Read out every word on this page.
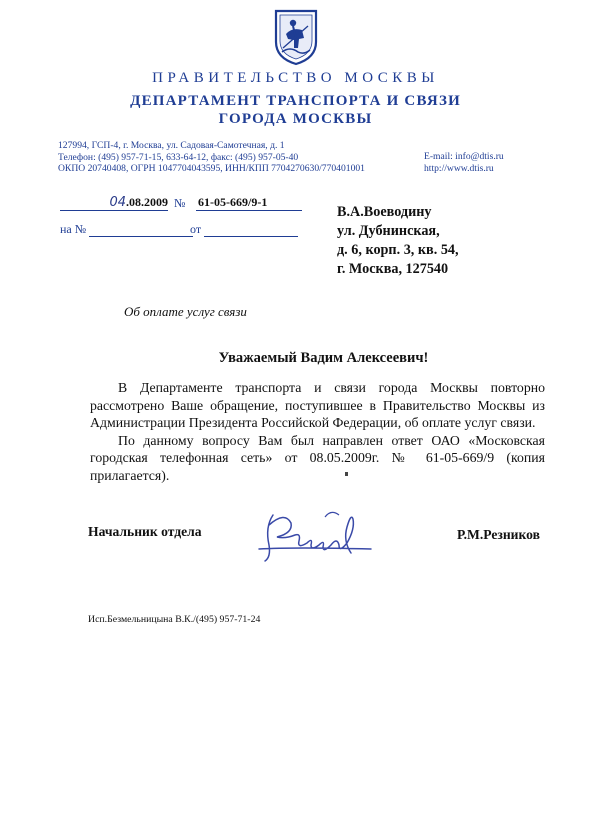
ПРАВИТЕЛЬСТВО МОСКВЫ
ДЕПАРТАМЕНТ ТРАНСПОРТА И СВЯЗИ
ГОРОДА МОСКВЫ
127994, ГСП-4, г. Москва, ул. Садовая-Самотечная, д. 1
Телефон: (495) 957-71-15, 633-64-12, факс: (495) 957-05-40
ОКПО 20740408, ОГРН 1047704043595, ИНН/КПП 7704270630/770401001
E-mail: info@dtis.ru
http://www.dtis.ru
04.08.2009 № 61-05-669/9-1
на №	от
В.А.Воеводину
ул. Дубнинская,
д. 6, корп. 3, кв. 54,
г. Москва, 127540
Об оплате услуг связи
Уважаемый Вадим Алексеевич!

В Департаменте транспорта и связи города Москвы повторно рассмотрено Ваше обращение, поступившее в Правительство Москвы из Администрации Президента Российской Федерации, об оплате услуг связи.

По данному вопросу Вам был направлен ответ ОАО «Московская городская телефонная сеть» от 08.05.2009г. № 61-05-669/9 (копия прилагается).

Начальник отдела	Р.М.Резников
Исп.Безмельницына В.К./(495) 957-71-24
